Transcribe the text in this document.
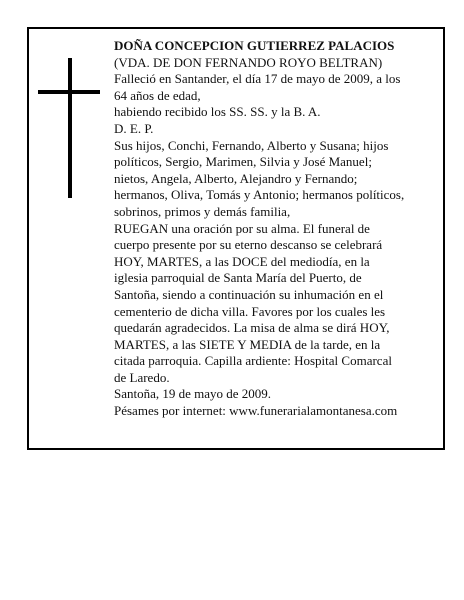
DOÑA CONCEPCION GUTIERREZ PALACIOS
(VDA. DE DON FERNANDO ROYO BELTRAN)
Falleció en Santander, el día 17 de mayo de 2009, a los
64 años de edad,
habiendo recibido los SS. SS. y la B. A.
D. E. P.
Sus hijos, Conchi, Fernando, Alberto y Susana; hijos
políticos, Sergio, Marimen, Silvia y José Manuel;
nietos, Angela, Alberto, Alejandro y Fernando;
hermanos, Oliva, Tomás y Antonio; hermanos políticos,
sobrinos, primos y demás familia,
RUEGAN una oración por su alma. El funeral de
cuerpo presente por su eterno descanso se celebrará
HOY, MARTES, a las DOCE del mediodía, en la
iglesia parroquial de Santa María del Puerto, de
Santoña, siendo a continuación su inhumación en el
cementerio de dicha villa. Favores por los cuales les
quedarán agradecidos. La misa de alma se dirá HOY,
MARTES, a las SIETE Y MEDIA de la tarde, en la
citada parroquia. Capilla ardiente: Hospital Comarcal
de Laredo.
Santoña, 19 de mayo de 2009.
Pésames por internet: www.funerarialamontanesa.com
